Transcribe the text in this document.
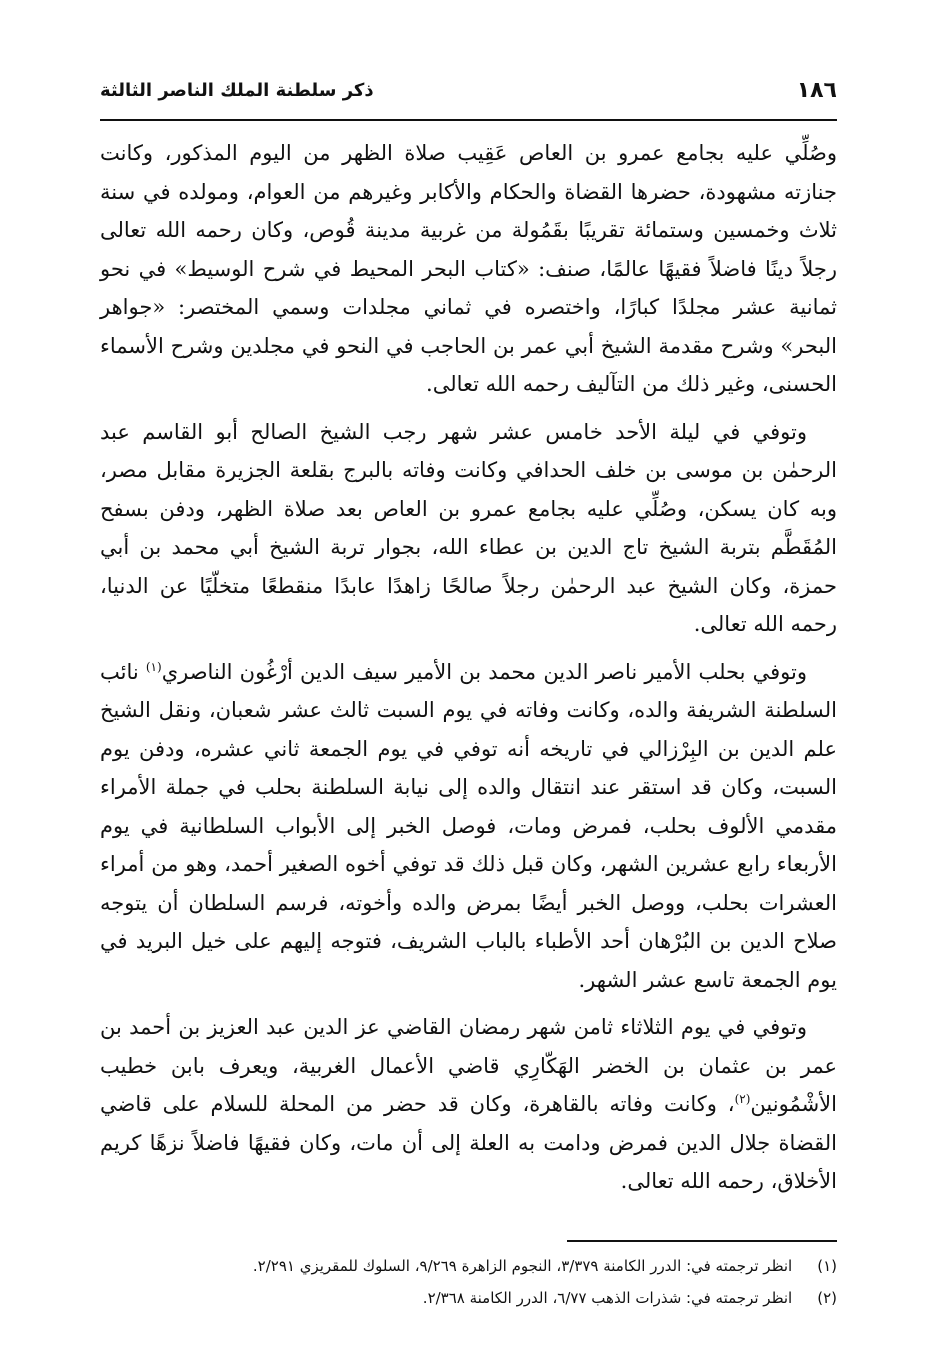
١٨٦
ذكر سلطنة الملك الناصر الثالثة

وصُلِّي عليه بجامع عمرو بن العاص عَقِيب صلاة الظهر من اليوم المذكور، وكانت جنازته مشهودة، حضرها القضاة والحكام والأكابر وغيرهم من العوام، ومولده في سنة ثلاث وخمسين وستمائة تقريبًا بقَمُولة من غربية مدينة قُوص، وكان رحمه الله تعالى رجلاً دينًا فاضلاً فقيهًا عالمًا، صنف: «كتاب البحر المحيط في شرح الوسيط» في نحو ثمانية عشر مجلدًا كبارًا، واختصره في ثماني مجلدات وسمي المختصر: «جواهر البحر» وشرح مقدمة الشيخ أبي عمر بن الحاجب في النحو في مجلدين وشرح الأسماء الحسنى، وغير ذلك من التآليف رحمه الله تعالى.

وتوفي في ليلة الأحد خامس عشر شهر رجب الشيخ الصالح أبو القاسم عبد الرحمٰن بن موسى بن خلف الحدافي وكانت وفاته بالبرج بقلعة الجزيرة مقابل مصر، وبه كان يسكن، وصُلِّي عليه بجامع عمرو بن العاص بعد صلاة الظهر، ودفن بسفح المُقَطَّم بتربة الشيخ تاج الدين بن عطاء الله، بجوار تربة الشيخ أبي محمد بن أبي حمزة، وكان الشيخ عبد الرحمٰن رجلاً صالحًا زاهدًا عابدًا منقطعًا متخلّيًا عن الدنيا، رحمه الله تعالى.

وتوفي بحلب الأمير ناصر الدين محمد بن الأمير سيف الدين أرْغُون الناصري$^{(١)}$ نائب السلطنة الشريفة والده، وكانت وفاته في يوم السبت ثالث عشر شعبان، ونقل الشيخ علم الدين بن البِرْزالي في تاريخه أنه توفي في يوم الجمعة ثاني عشره، ودفن يوم السبت، وكان قد استقر عند انتقال والده إلى نيابة السلطنة بحلب في جملة الأمراء مقدمي الألوف بحلب، فمرض ومات، فوصل الخبر إلى الأبواب السلطانية في يوم الأربعاء رابع عشرين الشهر، وكان قبل ذلك قد توفي أخوه الصغير أحمد، وهو من أمراء العشرات بحلب، ووصل الخبر أيضًا بمرض والده وأخوته، فرسم السلطان أن يتوجه صلاح الدين بن البُرْهان أحد الأطباء بالباب الشريف، فتوجه إليهم على خيل البريد في يوم الجمعة تاسع عشر الشهر.

وتوفي في يوم الثلاثاء ثامن شهر رمضان القاضي عز الدين عبد العزيز بن أحمد بن عمر بن عثمان بن الخضر الهَكّارِي قاضي الأعمال الغربية، ويعرف بابن خطيب الأشْمُونين$^{(٢)}$، وكانت وفاته بالقاهرة، وكان قد حضر من المحلة للسلام على قاضي القضاة جلال الدين فمرض ودامت به العلة إلى أن مات، وكان فقيهًا فاضلاً نزهًا كريم الأخلاق، رحمه الله تعالى.

(١) انظر ترجمته في: الدرر الكامنة ٣/٣٧٩، النجوم الزاهرة ٩/٢٦٩، السلوك للمقريزي ٢/٢٩١.
(٢) انظر ترجمته في: شذرات الذهب ٦/٧٧، الدرر الكامنة ٢/٣٦٨.
